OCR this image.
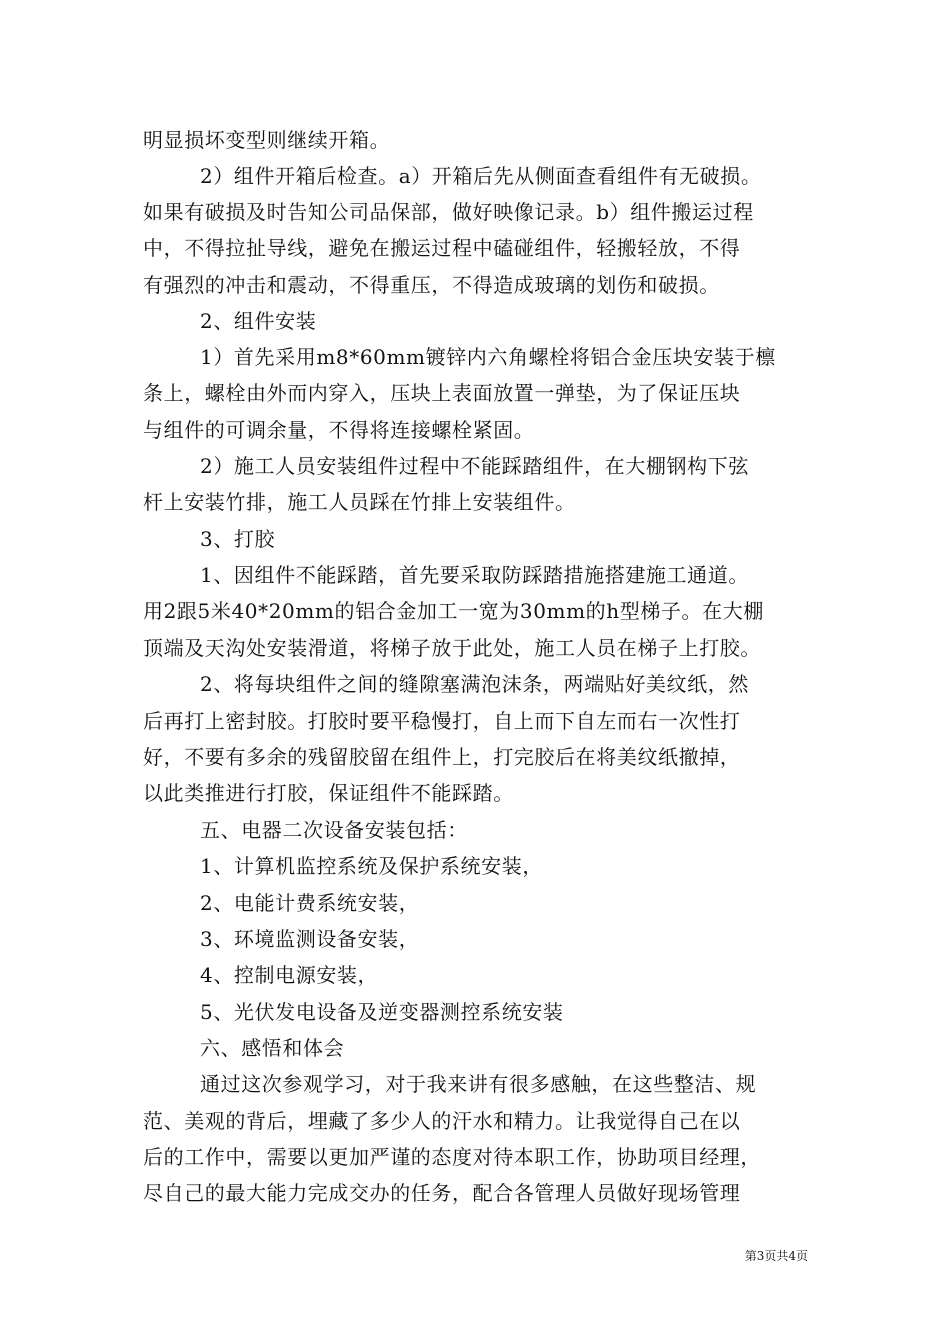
明显损坏变型则继续开箱。
2）组件开箱后检查。a）开箱后先从侧面查看组件有无破损。
如果有破损及时告知公司品保部，做好映像记录。b）组件搬运过程
中，不得拉扯导线，避免在搬运过程中磕碰组件，轻搬轻放，不得
有强烈的冲击和震动，不得重压，不得造成玻璃的划伤和破损。
2、组件安装
1）首先采用m8*60mm镀锌内六角螺栓将铝合金压块安装于檩
条上，螺栓由外而内穿入，压块上表面放置一弹垫，为了保证压块
与组件的可调余量，不得将连接螺栓紧固。
2）施工人员安装组件过程中不能踩踏组件，在大棚钢构下弦
杆上安装竹排，施工人员踩在竹排上安装组件。
3、打胶
1、因组件不能踩踏，首先要采取防踩踏措施搭建施工通道。
用2跟5米40*20mm的铝合金加工一宽为30mm的h型梯子。在大棚
顶端及天沟处安装滑道，将梯子放于此处，施工人员在梯子上打胶。
2、将每块组件之间的缝隙塞满泡沫条，两端贴好美纹纸，然
后再打上密封胶。打胶时要平稳慢打，自上而下自左而右一次性打
好，不要有多余的残留胶留在组件上，打完胶后在将美纹纸撤掉，
以此类推进行打胶，保证组件不能踩踏。
五、电器二次设备安装包括：
1、计算机监控系统及保护系统安装，
2、电能计费系统安装，
3、环境监测设备安装，
4、控制电源安装，
5、光伏发电设备及逆变器测控系统安装
六、感悟和体会
通过这次参观学习，对于我来讲有很多感触，在这些整洁、规
范、美观的背后，埋藏了多少人的汗水和精力。让我觉得自己在以
后的工作中，需要以更加严谨的态度对待本职工作，协助项目经理，
尽自己的最大能力完成交办的任务，配合各管理人员做好现场管理
第3页共4页
